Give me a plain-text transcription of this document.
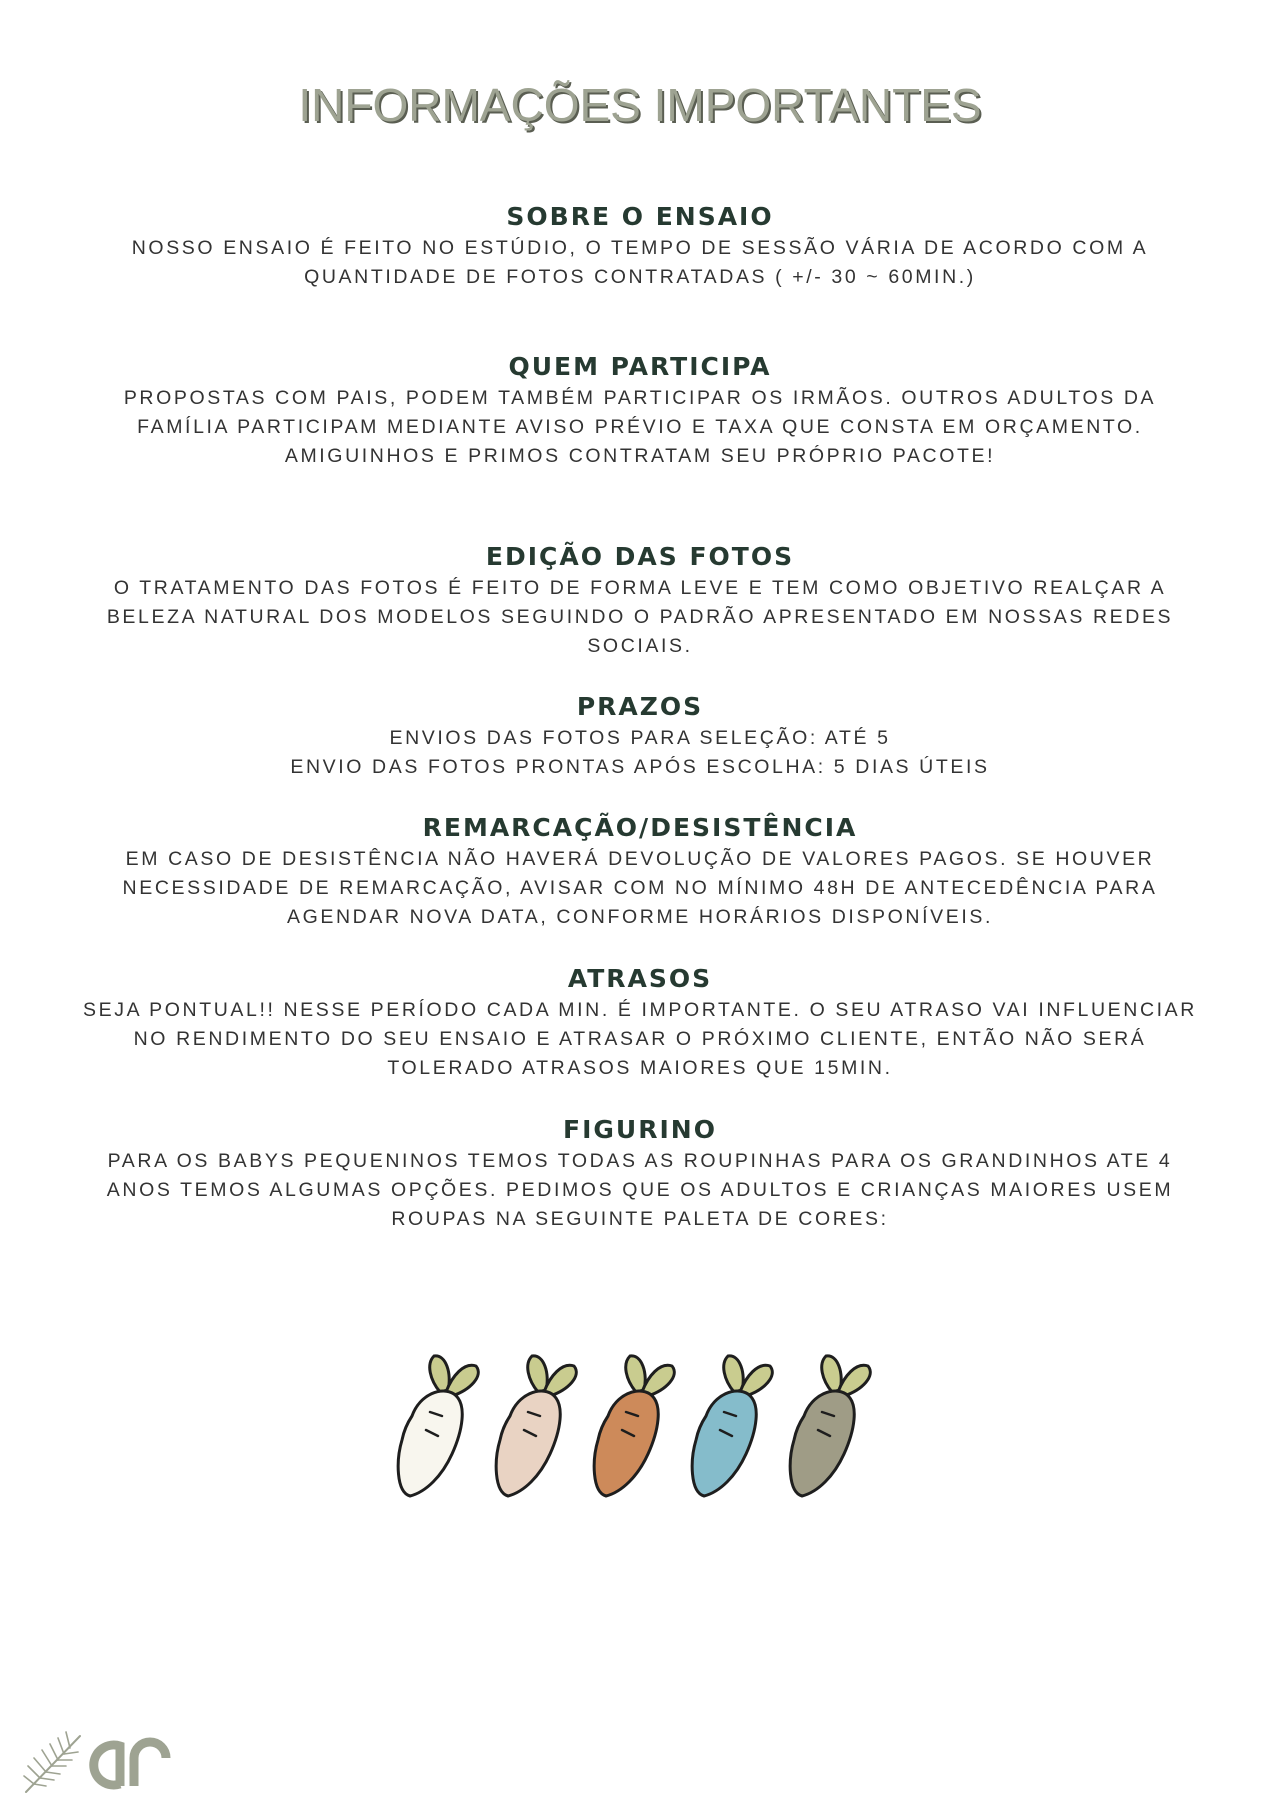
INFORMAÇÕES IMPORTANTES
SOBRE O ENSAIO

NOSSO ENSAIO É FEITO NO ESTÚDIO, O TEMPO DE SESSÃO VÁRIA DE ACORDO COM A
QUANTIDADE DE FOTOS CONTRATADAS ( +/- 30 ~ 60MIN.)

QUEM PARTICIPA

PROPOSTAS COM PAIS, PODEM TAMBÉM PARTICIPAR OS IRMÃOS. OUTROS ADULTOS DA
FAMÍLIA PARTICIPAM MEDIANTE AVISO PRÉVIO E TAXA QUE CONSTA EM ORÇAMENTO.
AMIGUINHOS E PRIMOS CONTRATAM SEU PRÓPRIO PACOTE!

EDIÇÃO DAS FOTOS

O TRATAMENTO DAS FOTOS É FEITO DE FORMA LEVE E TEM COMO OBJETIVO REALÇAR A
BELEZA NATURAL DOS MODELOS SEGUINDO O PADRÃO APRESENTADO EM NOSSAS REDES
SOCIAIS.

PRAZOS

ENVIOS DAS FOTOS PARA SELEÇÃO: ATÉ 5
ENVIO DAS FOTOS PRONTAS APÓS ESCOLHA: 5 DIAS ÚTEIS

REMARCAÇÃO/DESISTÊNCIA

EM CASO DE DESISTÊNCIA NÃO HAVERÁ DEVOLUÇÃO DE VALORES PAGOS. SE HOUVER
NECESSIDADE DE REMARCAÇÃO, AVISAR COM NO MÍNIMO 48H DE ANTECEDÊNCIA PARA
AGENDAR NOVA DATA, CONFORME HORÁRIOS DISPONÍVEIS.

ATRASOS

SEJA PONTUAL!! NESSE PERÍODO CADA MIN. É IMPORTANTE. O SEU ATRASO VAI INFLUENCIAR
NO RENDIMENTO DO SEU ENSAIO E ATRASAR O PRÓXIMO CLIENTE, ENTÃO NÃO SERÁ
TOLERADO ATRASOS MAIORES QUE 15MIN.

FIGURINO

PARA OS BABYS PEQUENINOS TEMOS TODAS AS ROUPINHAS PARA OS GRANDINHOS ATE 4
ANOS TEMOS ALGUMAS OPÇÕES. PEDIMOS QUE OS ADULTOS E CRIANÇAS MAIORES USEM
ROUPAS NA SEGUINTE PALETA DE CORES:
